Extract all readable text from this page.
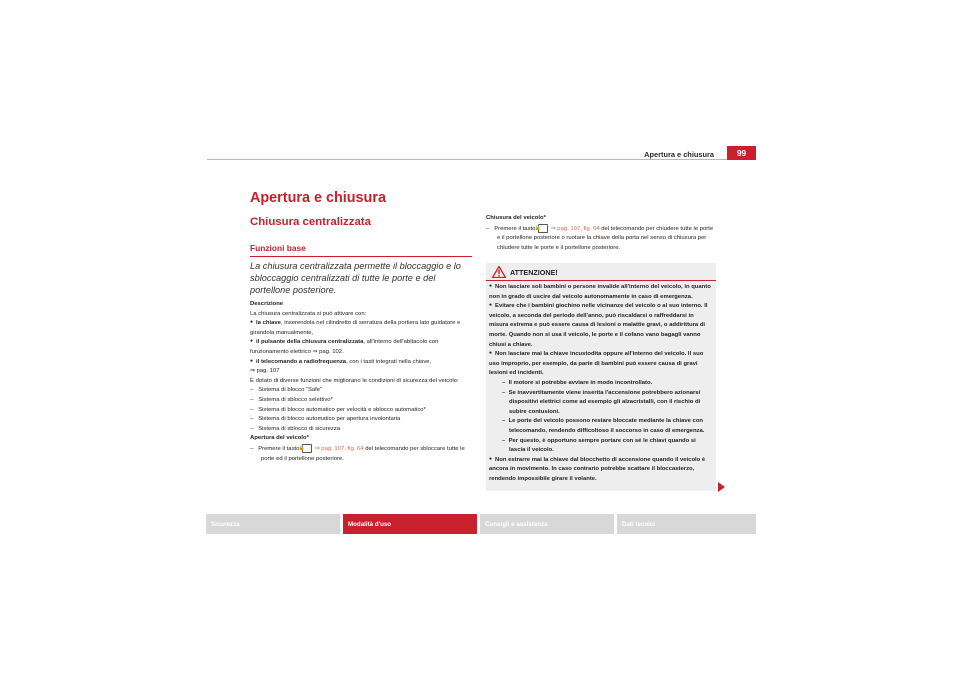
Apertura e chiusura	99
Apertura e chiusura
Chiusura centralizzata
Funzioni base
La chiusura centralizzata permette il bloccaggio e lo sbloccaggio centralizzati di tutte le porte e del portellone posteriore.

Descrizione

La chiusura centralizzata si può attivare con:

● la chiave, inserendola nel cilindretto di serratura della portiera lato guidatore e girandola manualmente,

● il pulsante della chiusura centralizzata, all'interno dell'abitacolo con funzionamento elettrico ⇒ pag. 102.

● il telecomando a radiofrequenza, con i tasti integrati nella chiave,
⇒ pag. 107

È dotato di diverse funzioni che migliorano le condizioni di sicurezza del veicolo:

–   Sistema di blocco “Safe”

–   Sistema di sblocco selettivo*

–   Sistema di blocco automatico per velocità e sblocco automatico*

–   Sistema di blocco automatico per apertura involontaria

–   Sistema di sblocco di sicurezza

Apertura del veicolo*

–   Premere il tasto 🔓 ⇒ pag. 107, fig. 64 del telecomando per sbloccare tutte le porte ed il portellone posteriore.

Chiusura del veicolo*

–   Premere il tasto 🔒 ⇒ pag. 107, fig. 64 del telecomando per chiudere tutte le porte e il portellone posteriore o ruotare la chiave della porta nel senso di chiusura per chiudere tutte le porte e il portellone posteriore.

ATTENZIONE!

● Non lasciare soli bambini o persone invalide all'interno del veicolo, in quanto non in grado di uscire dal veicolo autonomamente in caso di emergenza.

● Evitare che i bambini giochino nelle vicinanze del veicolo o al suo interno. Il veicolo, a seconda del periodo dell'anno, può riscaldarsi o raffreddarsi in misura estrema e può essere causa di lesioni o malattie gravi, o addirittura di morte. Quando non si usa il veicolo, le porte e il cofano vano bagagli vanno chiusi a chiave.

● Non lasciare mai la chiave incustodita oppure all'interno del veicolo. Il suo uso improprio, per esempio, da parte di bambini può essere causa di gravi lesioni ed incidenti.

–  Il motore si potrebbe avviare in modo incontrollato.

–  Se inavvertitamente viene inserita l'accensione potrebbero azionarsi dispositivi elettrici come ad esempio gli alzacristalli, con il rischio di subire contusioni.

–  Le porte del veicolo possono restare bloccate mediante la chiave con telecomando, rendendo difficoltoso il soccorso in caso di emergenza.

–  Per questo, è opportuno sempre portare con sé le chiavi quando si lascia il veicolo.

● Non estrarre mai la chiave dal blocchetto di accensione quando il veicolo è ancora in movimento. In caso contrario potrebbe scattare il bloccasterzo, rendendo impossibile girare il volante.

Sicurezza	Modalità d'uso	Consigli e assistenza	Dati tecnici
